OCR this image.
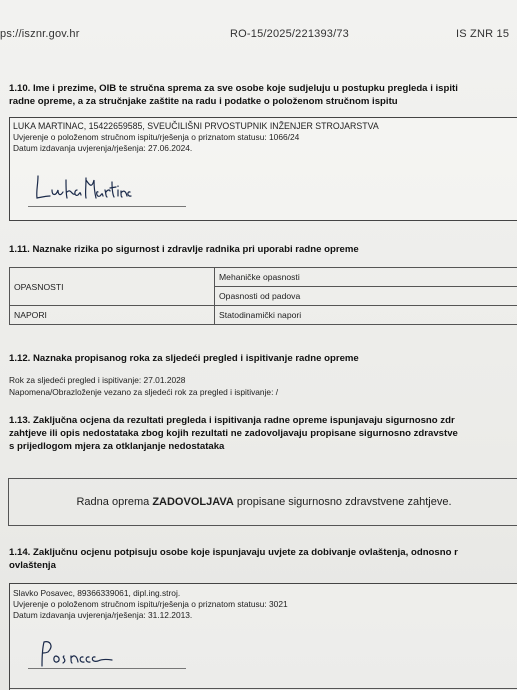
ps://isznr.gov.hr	RO-15/2025/221393/73	IS ZNR 15
1.10. Ime i prezime, OIB te stručna sprema za sve osobe koje sudjeluju u postupku pregleda i ispiti
radne opreme, a za stručnjake zaštite na radu i podatke o položenom stručnom ispitu
LUKA MARTINAC, 15422659585, SVEUČILIŠNI PRVOSTUPNIK INŽENJER STROJARSTVA
Uvjerenje o položenom stručnom ispitu/rješenja o priznatom statusu: 1066/24
Datum izdavanja uvjerenja/rješenja: 27.06.2024.
1.11. Naznake rizika po sigurnost i zdravlje radnika pri uporabi radne opreme
OPASNOSTI	Mehaničke opasnosti
	Opasnosti od padova
NAPORI	Statodinamički napori
1.12. Naznaka propisanog roka za sljedeći pregled i ispitivanje radne opreme
Rok za sljedeći pregled i ispitivanje: 27.01.2028
Napomena/Obrazloženje vezano za sljedeći rok za pregled i ispitivanje: /
1.13. Zaključna ocjena da rezultati pregleda i ispitivanja radne opreme ispunjavaju sigurnosno zdr
zahtjeve ili opis nedostataka zbog kojih rezultati ne zadovoljavaju propisane sigurnosno zdravstve
s prijedlogom mjera za otklanjanje nedostataka
Radna oprema ZADOVOLJAVA propisane sigurnosno zdravstvene zahtjeve.
1.14. Zaključnu ocjenu potpisuju osobe koje ispunjavaju uvjete za dobivanje ovlaštenja, odnosno r
ovlaštenja
Slavko Posavec, 89366339061, dipl.ing.stroj.
Uvjerenje o položenom stručnom ispitu/rješenja o priznatom statusu: 3021
Datum izdavanja uvjerenja/rješenja: 31.12.2013.
